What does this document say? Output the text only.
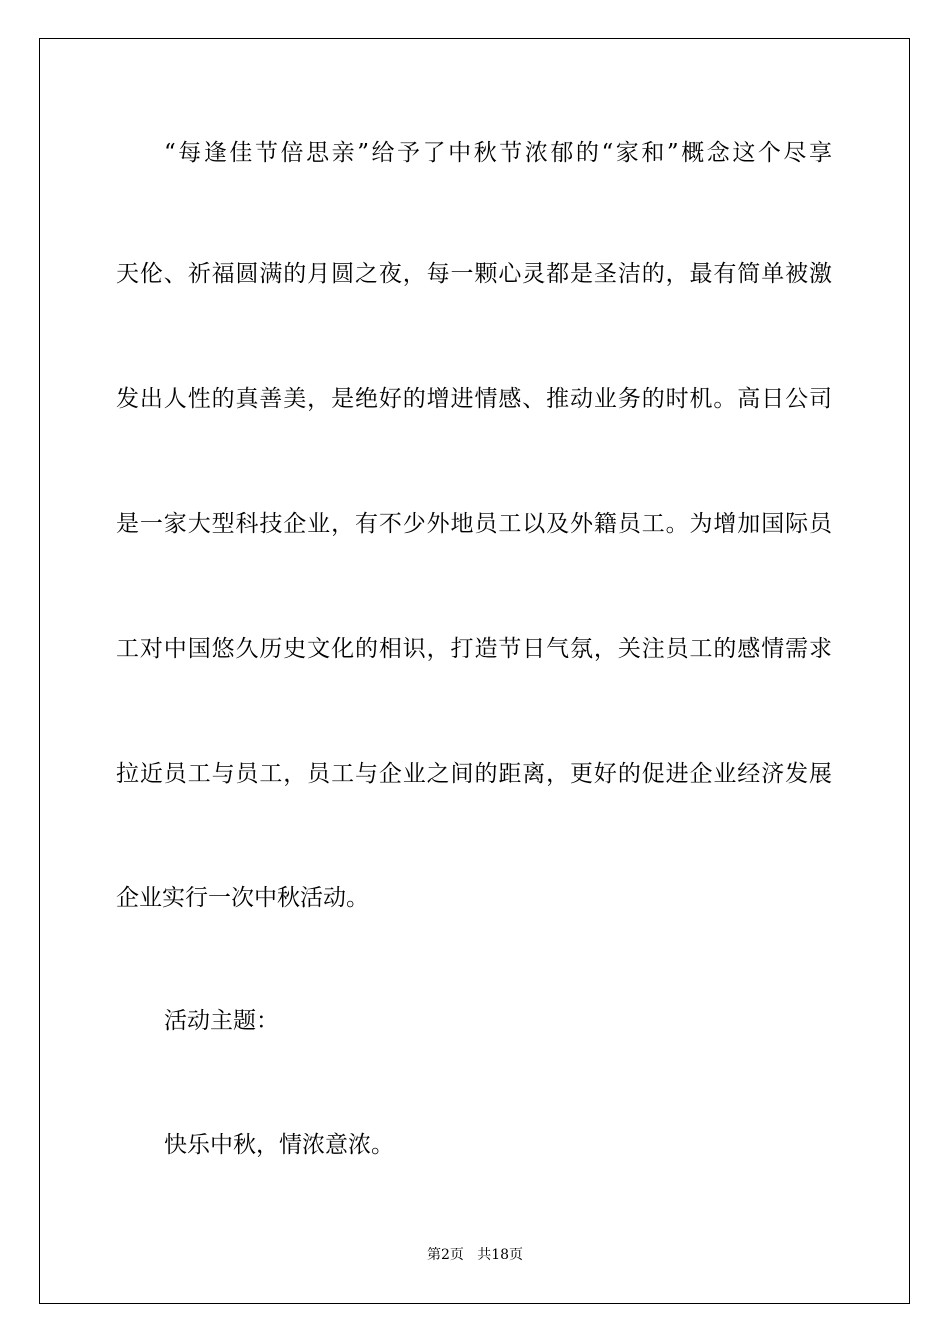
“每逢佳节倍思亲”给予了中秋节浓郁的“家和”概念这个尽享
天伦、祈福圆满的月圆之夜，每一颗心灵都是圣洁的，最有简单被激
发出人性的真善美，是绝好的增进情感、推动业务的时机。高日公司
是一家大型科技企业，有不少外地员工以及外籍员工。为增加国际员
工对中国悠久历史文化的相识，打造节日气氛，关注员工的感情需求
拉近员工与员工，员工与企业之间的距离，更好的促进企业经济发展
企业实行一次中秋活动。
活动主题：
快乐中秋，情浓意浓。
第2页   共18页
